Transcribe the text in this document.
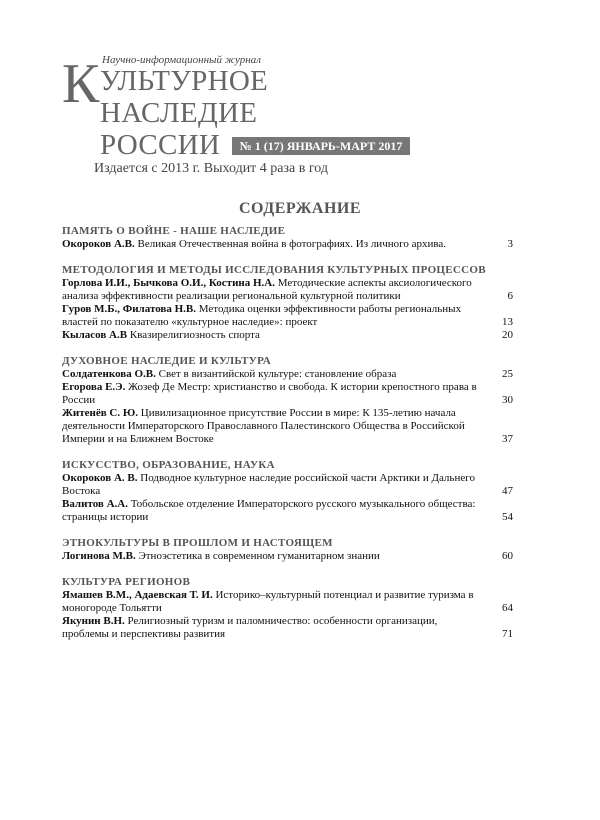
К Научно-информационный журнал
УЛЬТУРНОЕ
НАСЛЕДИЕ
РОССИИ	№ 1 (17) ЯНВАРЬ-МАРТ 2017
Издается с 2013 г. Выходит 4 раза в год
СОДЕРЖАНИЕ
ПАМЯТЬ О ВОЙНЕ - НАШЕ НАСЛЕДИЕ
Окороков А.В. Великая Отечественная война в фотографиях. Из личного архива.	3
МЕТОДОЛОГИЯ И МЕТОДЫ ИССЛЕДОВАНИЯ КУЛЬТУРНЫХ ПРОЦЕССОВ
Горлова И.И., Бычкова О.И., Костина Н.А. Методические аспекты аксиологического анализа эффективности реализации региональной культурной политики	6
Гуров М.Б., Филатова Н.В. Методика оценки эффективности работы региональных властей по показателю «культурное наследие»: проект	13
Кыласов А.В Квазирелигиозность спорта	20
ДУХОВНОЕ НАСЛЕДИЕ И КУЛЬТУРА
Солдатенкова О.В. Свет в византийской культуре: становление образа	25
Егорова Е.Э. Жозеф Де Местр: христианство и свобода. К истории крепостного права в России	30
Житенёв С. Ю. Цивилизационное присутствие России в мире: К 135-летию начала деятельности Императорского Православного Палестинского Общества в Российской Империи и на Ближнем Востоке	37
ИСКУССТВО, ОБРАЗОВАНИЕ, НАУКА
Окороков А. В. Подводное культурное наследие российской части Арктики и Дальнего Востока	47
Валитов А.А. Тобольское отделение Императорского русского музыкального общества: страницы истории	54
ЭТНОКУЛЬТУРЫ В ПРОШЛОМ И НАСТОЯЩЕМ
Логинова М.В. Этноэстетика в современном гуманитарном знании	60
КУЛЬТУРА РЕГИОНОВ
Ямашев В.М., Адаевская Т. И. Историко–культурный потенциал и развитие туризма в моногороде Тольятти	64
Якунин В.Н. Религиозный туризм и паломничество: особенности организации, проблемы и перспективы развития	71
